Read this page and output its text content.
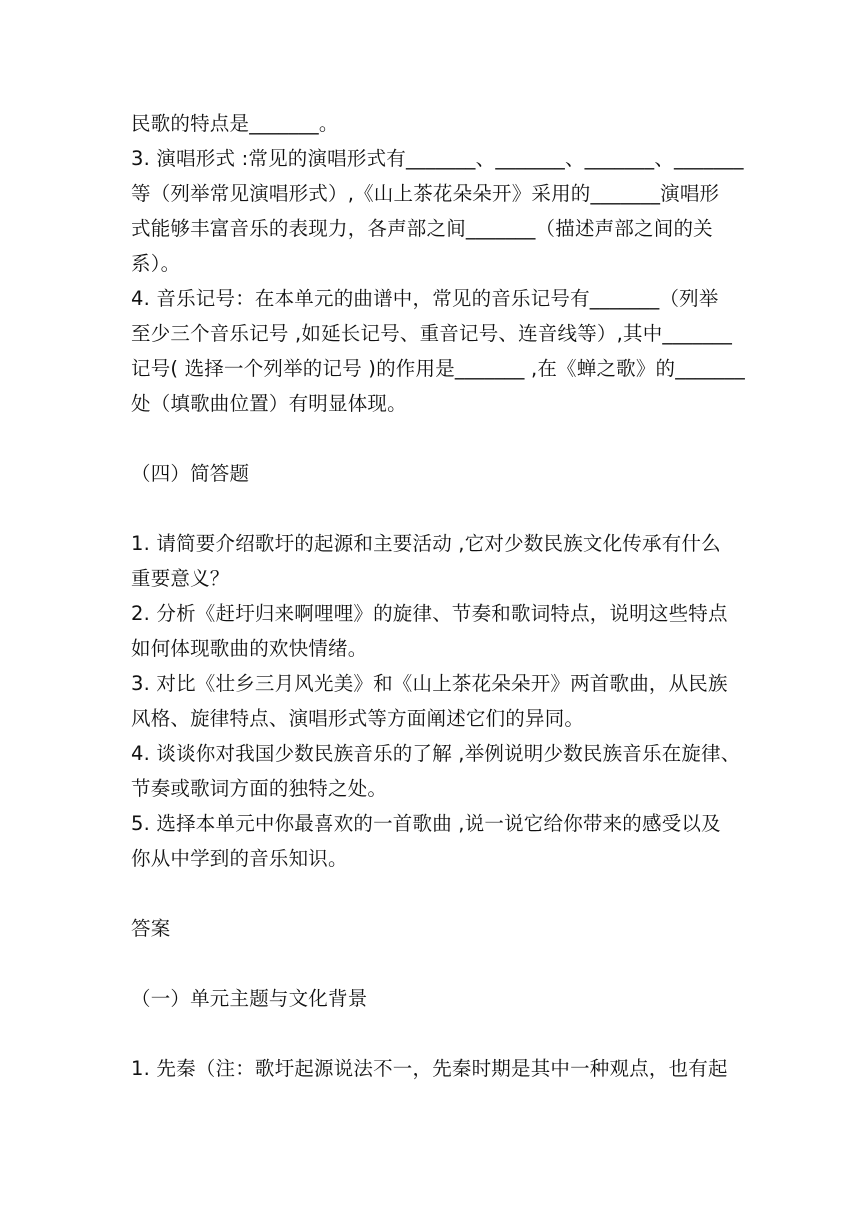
民歌的特点是_______。
3. 演唱形式 :常见的演唱形式有_______、_______、_______、_______
等（列举常见演唱形式）,《山上茶花朵朵开》采用的_______演唱形
式能够丰富音乐的表现力，各声部之间_______（描述声部之间的关
系）。
4. 音乐记号：在本单元的曲谱中，常见的音乐记号有_______（列举
至少三个音乐记号 ,如延长记号、重音记号、连音线等）,其中_______
记号( 选择一个列举的记号 )的作用是_______ ,在《蝉之歌》的_______
处（填歌曲位置）有明显体现。
（四）简答题
1. 请简要介绍歌圩的起源和主要活动 ,它对少数民族文化传承有什么
重要意义？
2. 分析《赶圩归来啊哩哩》的旋律、节奏和歌词特点，说明这些特点
如何体现歌曲的欢快情绪。
3. 对比《壮乡三月风光美》和《山上茶花朵朵开》两首歌曲，从民族
风格、旋律特点、演唱形式等方面阐述它们的异同。
4. 谈谈你对我国少数民族音乐的了解 ,举例说明少数民族音乐在旋律、
节奏或歌词方面的独特之处。
5. 选择本单元中你最喜欢的一首歌曲 ,说一说它给你带来的感受以及
你从中学到的音乐知识。
答案
（一）单元主题与文化背景
1. 先秦（注：歌圩起源说法不一，先秦时期是其中一种观点，也有起
